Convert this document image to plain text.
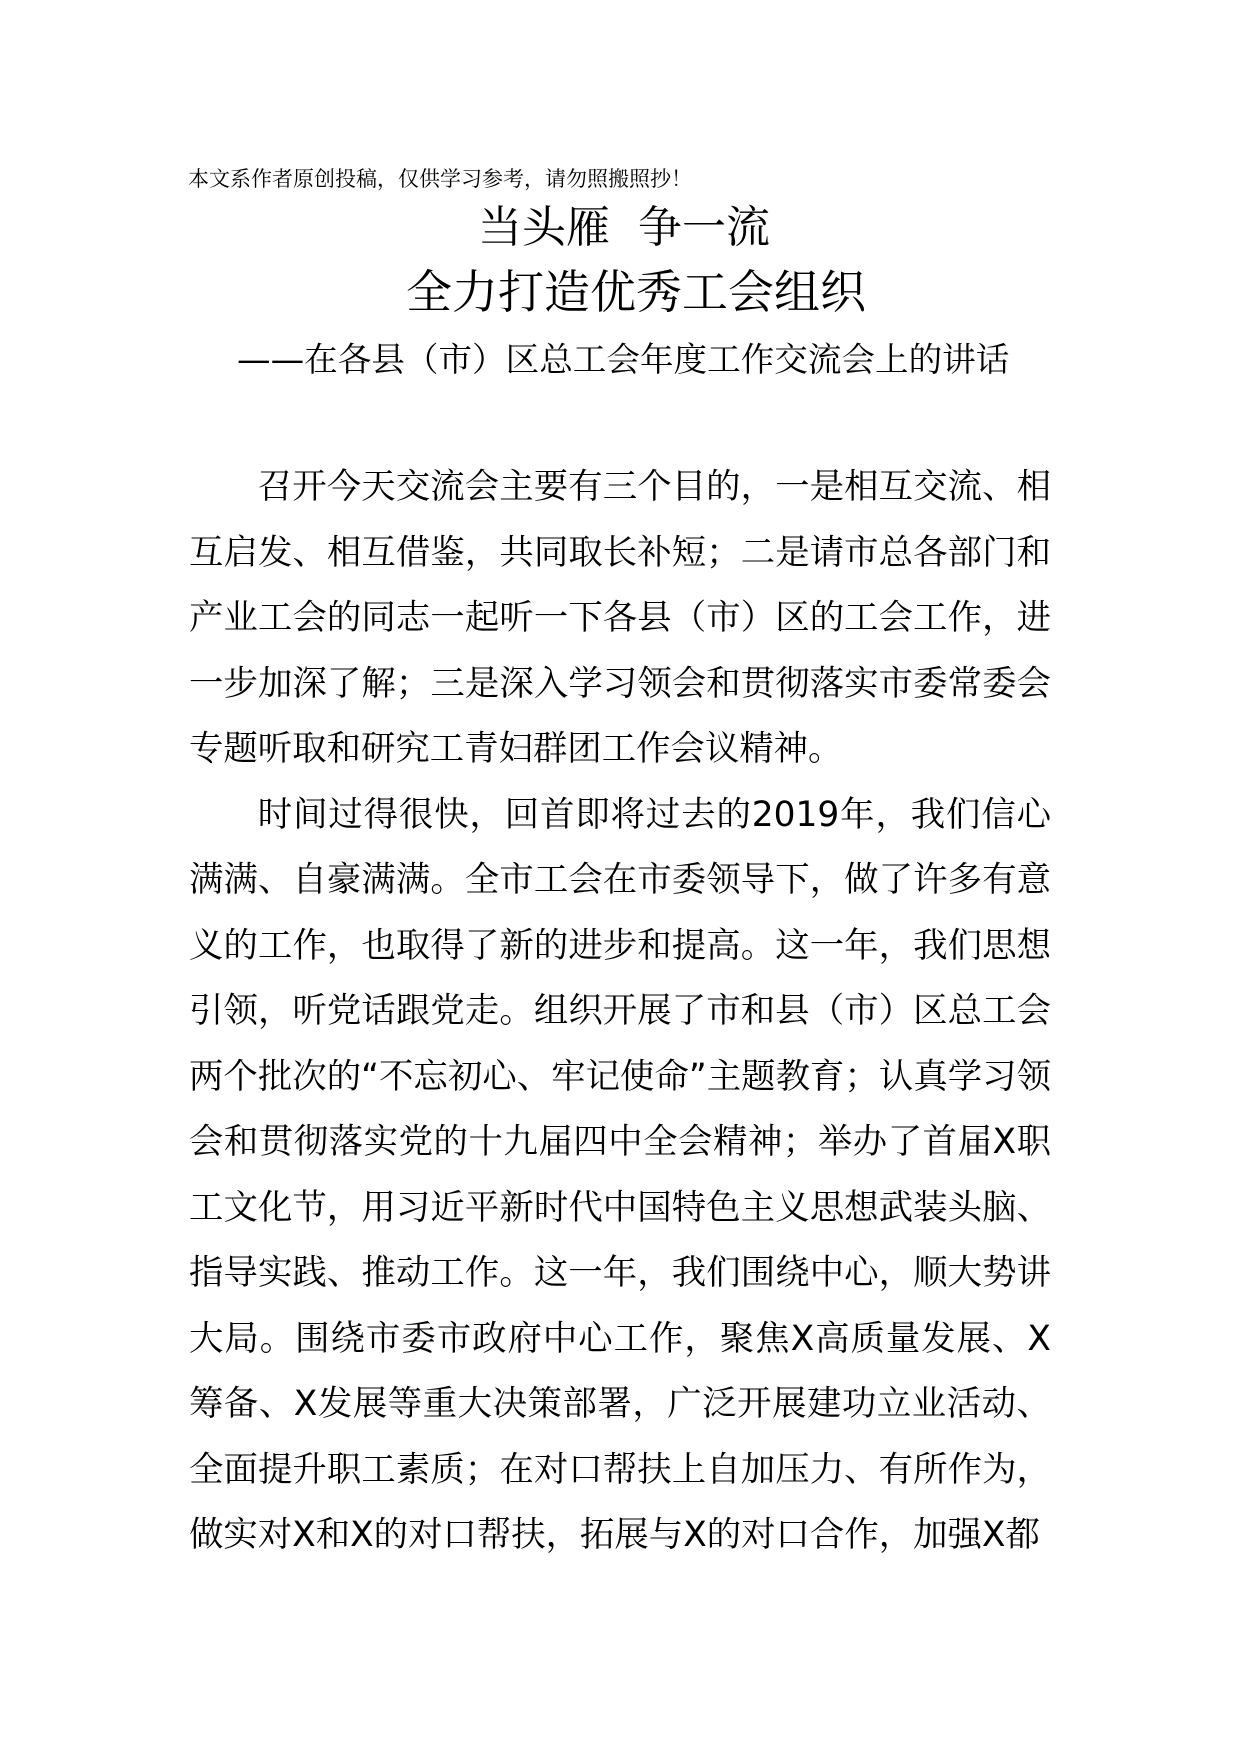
本文系作者原创投稿，仅供学习参考，请勿照搬照抄！
当头雁  争一流
全力打造优秀工会组织
——在各县（市）区总工会年度工作交流会上的讲话

召开今天交流会主要有三个目的，一是相互交流、相互启发、相互借鉴，共同取长补短；二是请市总各部门和产业工会的同志一起听一下各县（市）区的工会工作，进一步加深了解；三是深入学习领会和贯彻落实市委常委会专题听取和研究工青妇群团工作会议精神。

时间过得很快，回首即将过去的2019年，我们信心满满、自豪满满。全市工会在市委领导下，做了许多有意义的工作，也取得了新的进步和提高。这一年，我们思想引领，听党话跟党走。组织开展了市和县（市）区总工会两个批次的“不忘初心、牢记使命”主题教育；认真学习领会和贯彻落实党的十九届四中全会精神；举办了首届X职工文化节，用习近平新时代中国特色主义思想武装头脑、指导实践、推动工作。这一年，我们围绕中心，顺大势讲大局。围绕市委市政府中心工作，聚焦X高质量发展、X筹备、X发展等重大决策部署，广泛开展建功立业活动、全面提升职工素质；在对口帮扶上自加压力、有所作为，做实对X和X的对口帮扶，拓展与X的对口合作，加强X都
